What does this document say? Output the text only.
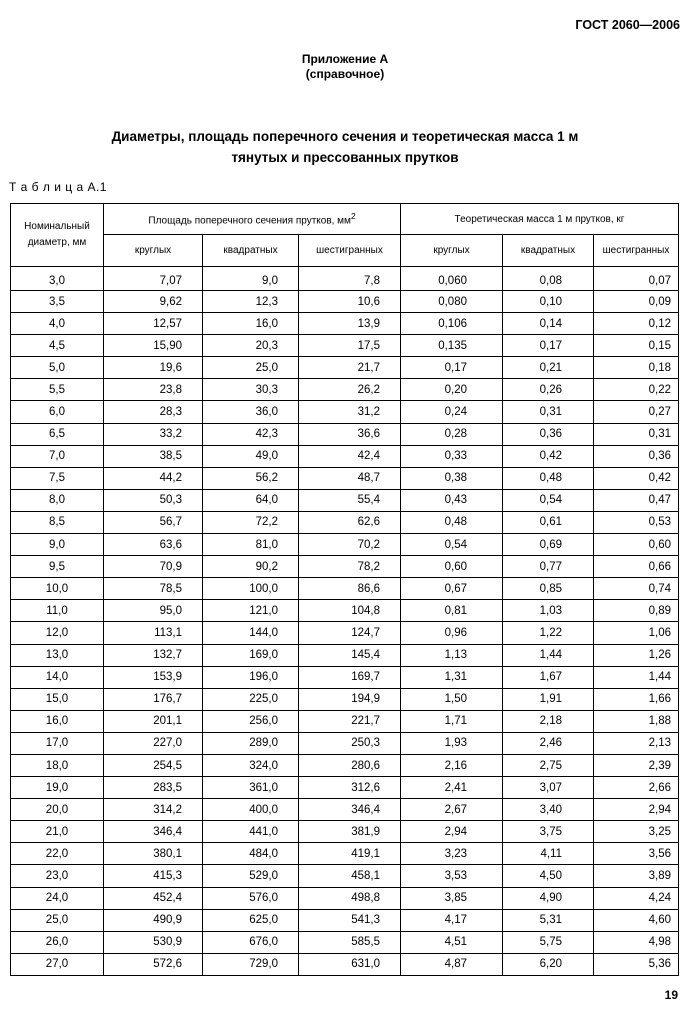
ГОСТ 2060—2006
Приложение А
(справочное)
Диаметры, площадь поперечного сечения и теоретическая масса 1 м
тянутых и прессованных прутков
Т а б л и ц а А.1
Номинальный
диаметр, мм	Площадь поперечного сечения прутков, $мм^2$			Теоретическая масса 1 м прутков, кг		
	круглых	квадратных	шестигранных	круглых	квадратных	шестигранных
3,0	7,07	9,0	7,8	0,060	0,08	0,07
3,5	9,62	12,3	10,6	0,080	0,10	0,09
4,0	12,57	16,0	13,9	0,106	0,14	0,12
4,5	15,90	20,3	17,5	0,135	0,17	0,15
5,0	19,6	25,0	21,7	0,17	0,21	0,18
5,5	23,8	30,3	26,2	0,20	0,26	0,22
6,0	28,3	36,0	31,2	0,24	0,31	0,27
6,5	33,2	42,3	36,6	0,28	0,36	0,31
7,0	38,5	49,0	42,4	0,33	0,42	0,36
7,5	44,2	56,2	48,7	0,38	0,48	0,42
8,0	50,3	64,0	55,4	0,43	0,54	0,47
8,5	56,7	72,2	62,6	0,48	0,61	0,53
9,0	63,6	81,0	70,2	0,54	0,69	0,60
9,5	70,9	90,2	78,2	0,60	0,77	0,66
10,0	78,5	100,0	86,6	0,67	0,85	0,74
11,0	95,0	121,0	104,8	0,81	1,03	0,89
12,0	113,1	144,0	124,7	0,96	1,22	1,06
13,0	132,7	169,0	145,4	1,13	1,44	1,26
14,0	153,9	196,0	169,7	1,31	1,67	1,44
15,0	176,7	225,0	194,9	1,50	1,91	1,66
16,0	201,1	256,0	221,7	1,71	2,18	1,88
17,0	227,0	289,0	250,3	1,93	2,46	2,13
18,0	254,5	324,0	280,6	2,16	2,75	2,39
19,0	283,5	361,0	312,6	2,41	3,07	2,66
20,0	314,2	400,0	346,4	2,67	3,40	2,94
21,0	346,4	441,0	381,9	2,94	3,75	3,25
22,0	380,1	484,0	419,1	3,23	4,11	3,56
23,0	415,3	529,0	458,1	3,53	4,50	3,89
24,0	452,4	576,0	498,8	3,85	4,90	4,24
25,0	490,9	625,0	541,3	4,17	5,31	4,60
26,0	530,9	676,0	585,5	4,51	5,75	4,98
27,0	572,6	729,0	631,0	4,87	6,20	5,36
19
